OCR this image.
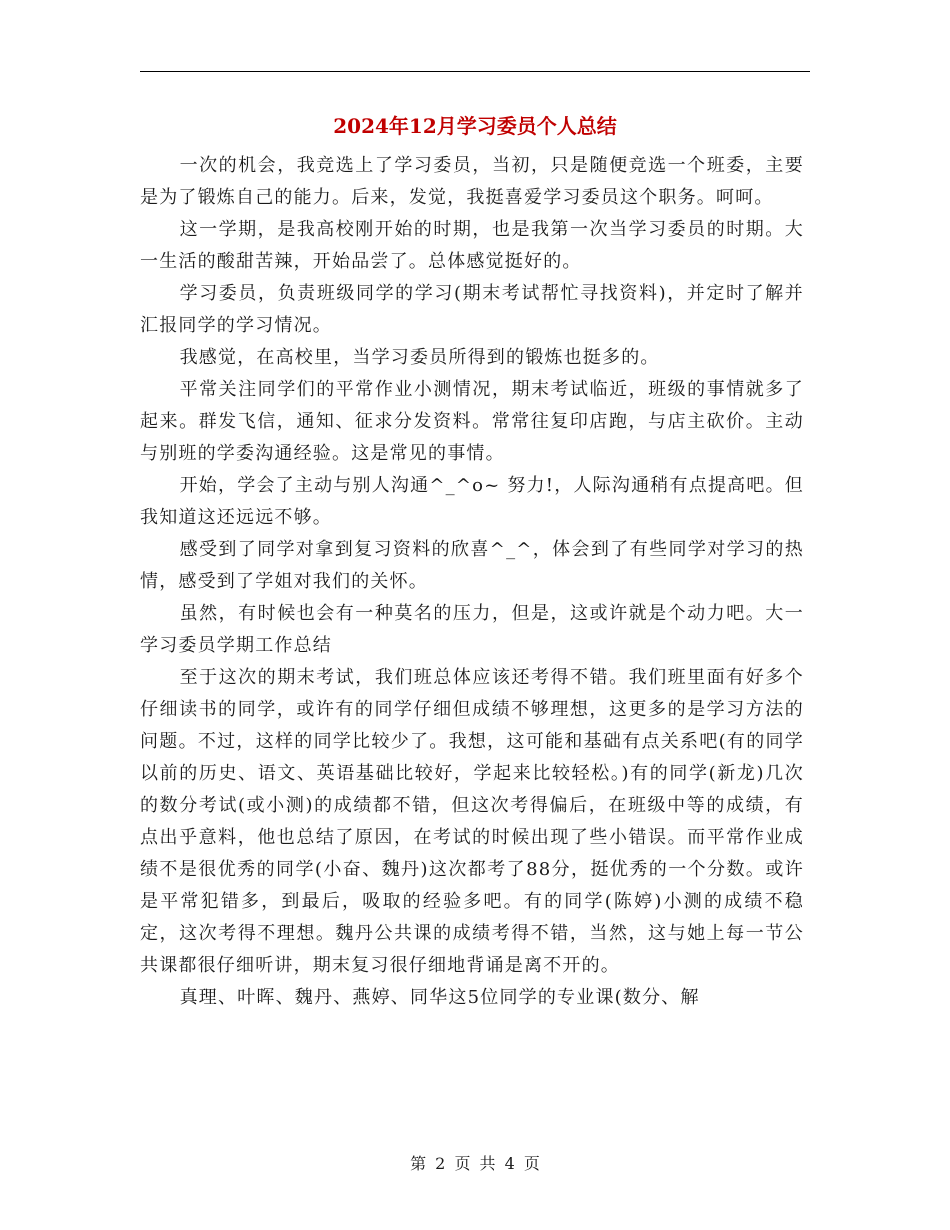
2024年12月学习委员个人总结

一次的机会，我竞选上了学习委员，当初，只是随便竞选一个班委，主要是为了锻炼自己的能力。后来，发觉，我挺喜爱学习委员这个职务。呵呵。

这一学期，是我高校刚开始的时期，也是我第一次当学习委员的时期。大一生活的酸甜苦辣，开始品尝了。总体感觉挺好的。

学习委员，负责班级同学的学习(期末考试帮忙寻找资料)，并定时了解并汇报同学的学习情况。

我感觉，在高校里，当学习委员所得到的锻炼也挺多的。

平常关注同学们的平常作业小测情况，期末考试临近，班级的事情就多了起来。群发飞信，通知、征求分发资料。常常往复印店跑，与店主砍价。主动与别班的学委沟通经验。这是常见的事情。

开始，学会了主动与别人沟通^_^o~ 努力!，人际沟通稍有点提高吧。但我知道这还远远不够。

感受到了同学对拿到复习资料的欣喜^_^，体会到了有些同学对学习的热情，感受到了学姐对我们的关怀。

虽然，有时候也会有一种莫名的压力，但是，这或许就是个动力吧。大一学习委员学期工作总结

至于这次的期末考试，我们班总体应该还考得不错。我们班里面有好多个仔细读书的同学，或许有的同学仔细但成绩不够理想，这更多的是学习方法的问题。不过，这样的同学比较少了。我想，这可能和基础有点关系吧(有的同学以前的历史、语文、英语基础比较好，学起来比较轻松。)有的同学(新龙)几次的数分考试(或小测)的成绩都不错，但这次考得偏后，在班级中等的成绩，有点出乎意料，他也总结了原因，在考试的时候出现了些小错误。而平常作业成绩不是很优秀的同学(小奋、魏丹)这次都考了88分，挺优秀的一个分数。或许是平常犯错多，到最后，吸取的经验多吧。有的同学(陈婷)小测的成绩不稳定，这次考得不理想。魏丹公共课的成绩考得不错，当然，这与她上每一节公共课都很仔细听讲，期末复习很仔细地背诵是离不开的。

真理、叶晖、魏丹、燕婷、同华这5位同学的专业课(数分、解

第 2 页 共 4 页
